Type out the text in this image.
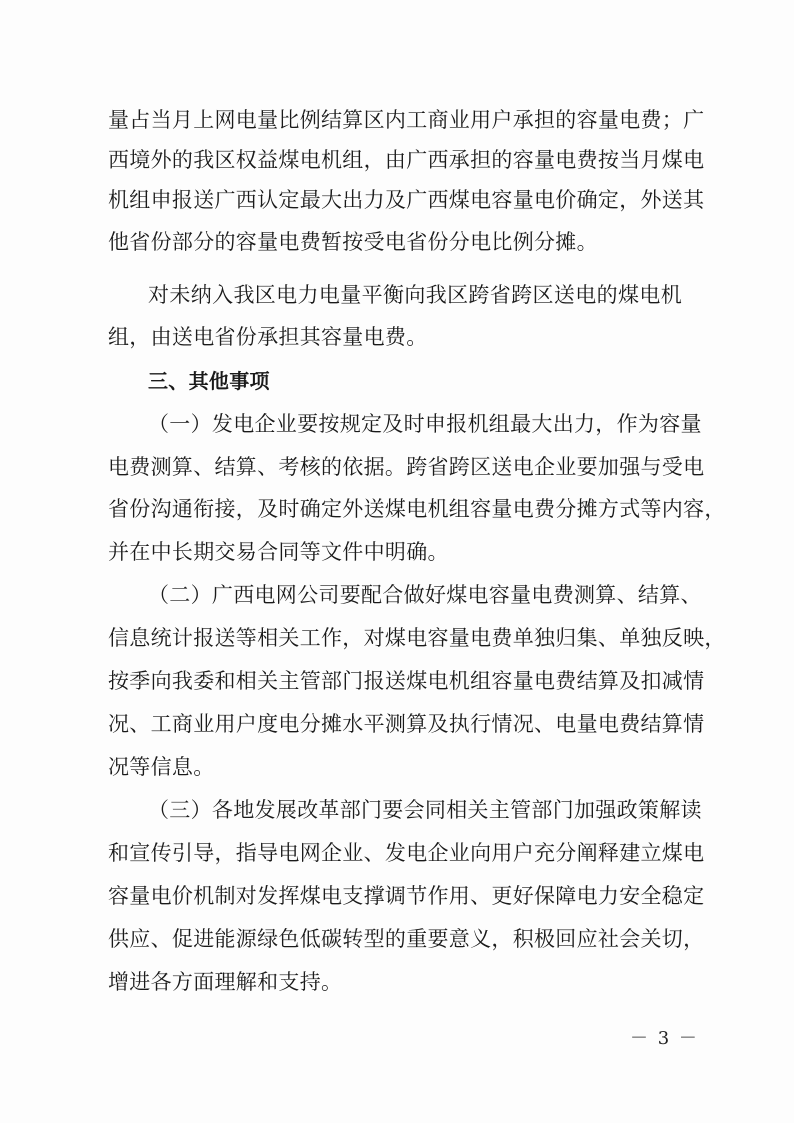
量占当月上网电量比例结算区内工商业用户承担的容量电费；广
西境外的我区权益煤电机组，由广西承担的容量电费按当月煤电
机组申报送广西认定最大出力及广西煤电容量电价确定，外送其
他省份部分的容量电费暂按受电省份分电比例分摊。
对未纳入我区电力电量平衡向我区跨省跨区送电的煤电机
组，由送电省份承担其容量电费。
三、其他事项
（一）发电企业要按规定及时申报机组最大出力，作为容量
电费测算、结算、考核的依据。跨省跨区送电企业要加强与受电
省份沟通衔接，及时确定外送煤电机组容量电费分摊方式等内容，
并在中长期交易合同等文件中明确。
（二）广西电网公司要配合做好煤电容量电费测算、结算、
信息统计报送等相关工作，对煤电容量电费单独归集、单独反映，
按季向我委和相关主管部门报送煤电机组容量电费结算及扣减情
况、工商业用户度电分摊水平测算及执行情况、电量电费结算情
况等信息。
（三）各地发展改革部门要会同相关主管部门加强政策解读
和宣传引导，指导电网企业、发电企业向用户充分阐释建立煤电
容量电价机制对发挥煤电支撑调节作用、更好保障电力安全稳定
供应、促进能源绿色低碳转型的重要意义，积极回应社会关切，
增进各方面理解和支持。
－ 3 －
